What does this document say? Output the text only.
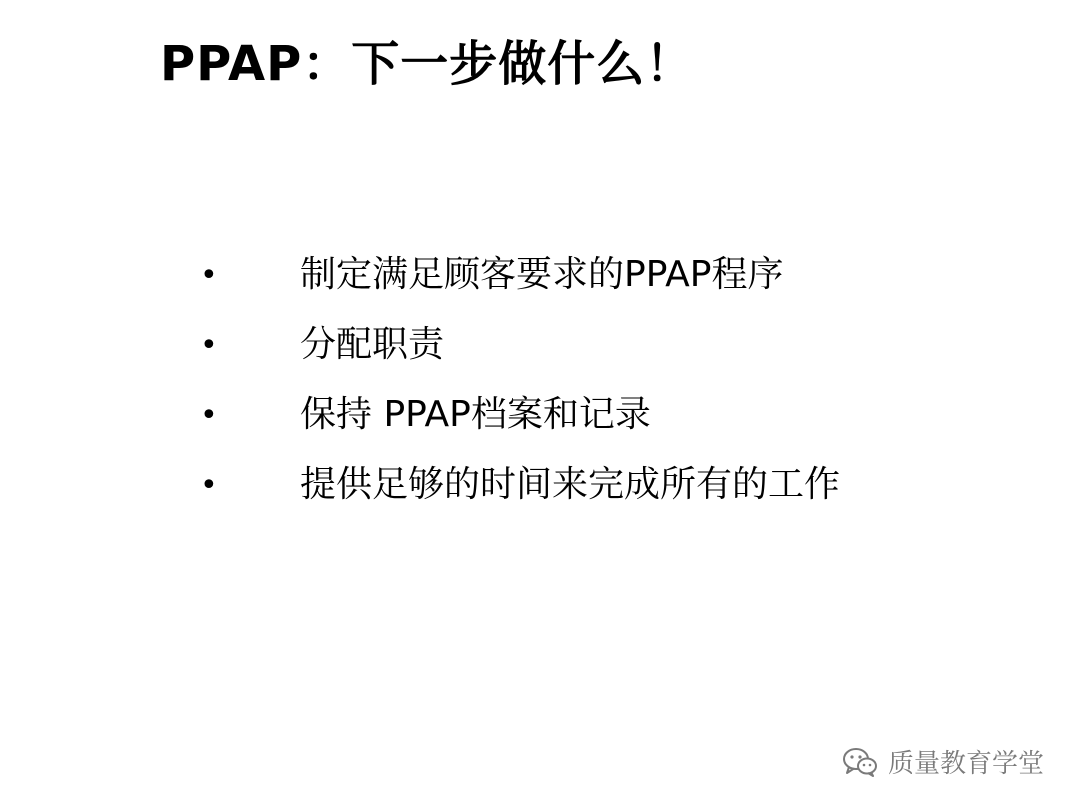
PPAP：下一步做什么！
•	制定满足顾客要求的PPAP程序
•	分配职责
•	保持 PPAP档案和记录
•	提供足够的时间来完成所有的工作
质量教育学堂
